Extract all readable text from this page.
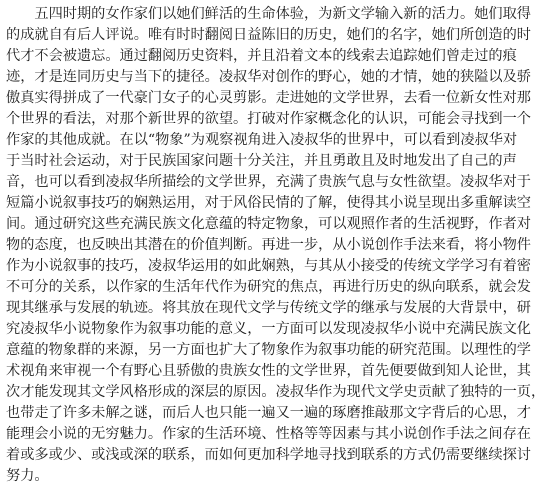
　　五四时期的女作家们以她们鲜活的生命体验，为新文学输入新的活力。她们取得
的成就自有后人评说。唯有时时翻阅日益陈旧的历史，她们的名字，她们所创造的时
代才不会被遗忘。通过翻阅历史资料，并且沿着文本的线索去追踪她们曾走过的痕
迹，才是连同历史与当下的捷径。凌叔华对创作的野心，她的才情，她的狭隘以及骄
傲真实得拼成了一代豪门女子的心灵剪影。走进她的文学世界，去看一位新女性对那
个世界的看法，对那个新世界的欲望。打破对作家概念化的认识，可能会寻找到一个
作家的其他成就。在以“物象”为观察视角进入凌叔华的世界中，可以看到凌叔华对
于当时社会运动，对于民族国家问题十分关注，并且勇敢且及时地发出了自己的声
音，也可以看到凌叔华所描绘的文学世界，充满了贵族气息与女性欲望。凌叔华对于
短篇小说叙事技巧的娴熟运用，对于风俗民情的了解，使得其小说呈现出多重解读空
间。通过研究这些充满民族文化意蕴的特定物象，可以观照作者的生活视野，作者对
物的态度，也反映出其潜在的价值判断。再进一步，从小说创作手法来看，将小物件
作为小说叙事的技巧，凌叔华运用的如此娴熟，与其从小接受的传统文学学习有着密
不可分的关系，以作家的生活年代作为研究的焦点，再进行历史的纵向联系，就会发
现其继承与发展的轨迹。将其放在现代文学与传统文学的继承与发展的大背景中，研
究凌叔华小说物象作为叙事功能的意义，一方面可以发现凌叔华小说中充满民族文化
意蕴的物象群的来源，另一方面也扩大了物象作为叙事功能的研究范围。以理性的学
术视角来审视一个有野心且骄傲的贵族女性的文学世界，首先便要做到知人论世，其
次才能发现其文学风格形成的深层的原因。凌叔华作为现代文学史贡献了独特的一页，
也带走了许多未解之谜，而后人也只能一遍又一遍的琢磨推敲那文字背后的心思，才
能理会小说的无穷魅力。作家的生活环境、性格等等因素与其小说创作手法之间存在
着或多或少、或浅或深的联系，而如何更加科学地寻找到联系的方式仍需要继续探讨
努力。
